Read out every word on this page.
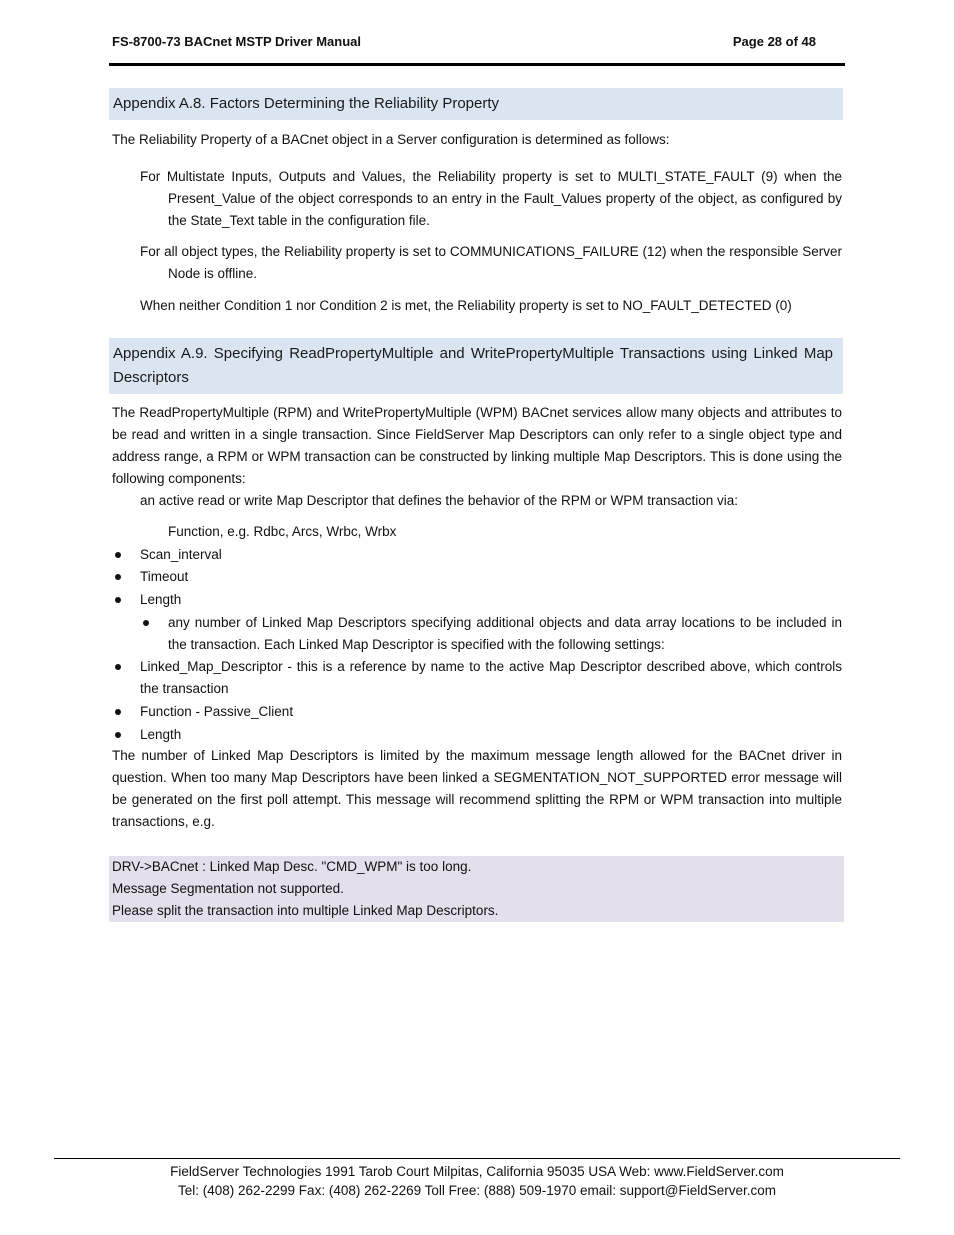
FS-8700-73 BACnet MSTP Driver Manual	Page 28 of 48
Appendix A.8. Factors Determining the Reliability Property
The Reliability Property of a BACnet object in a Server configuration is determined as follows:
For Multistate Inputs, Outputs and Values, the Reliability property is set to MULTI_STATE_FAULT (9) when the Present_Value of the object corresponds to an entry in the Fault_Values property of the object, as configured by the State_Text table in the configuration file.
For all object types, the Reliability property is set to COMMUNICATIONS_FAILURE (12) when the responsible Server Node is offline.
When neither Condition 1 nor Condition 2 is met, the Reliability property is set to NO_FAULT_DETECTED (0)
Appendix A.9. Specifying ReadPropertyMultiple and WritePropertyMultiple Transactions using Linked Map Descriptors
The ReadPropertyMultiple (RPM) and WritePropertyMultiple (WPM) BACnet services allow many objects and attributes to be read and written in a single transaction. Since FieldServer Map Descriptors can only refer to a single object type and address range, a RPM or WPM transaction can be constructed by linking multiple Map Descriptors. This is done using the following components:
an active read or write Map Descriptor that defines the behavior of the RPM or WPM transaction via:
Function, e.g. Rdbc, Arcs, Wrbc, Wrbx
Scan_interval
Timeout
Length
any number of Linked Map Descriptors specifying additional objects and data array locations to be included in the transaction. Each Linked Map Descriptor is specified with the following settings:
Linked_Map_Descriptor - this is a reference by name to the active Map Descriptor described above, which controls the transaction
Function - Passive_Client
Length
The number of Linked Map Descriptors is limited by the maximum message length allowed for the BACnet driver in question. When too many Map Descriptors have been linked a SEGMENTATION_NOT_SUPPORTED error message will be generated on the first poll attempt. This message will recommend splitting the RPM or WPM transaction into multiple transactions, e.g.
DRV->BACnet : Linked Map Desc. "CMD_WPM" is too long.
Message Segmentation not supported.
Please split the transaction into multiple Linked Map Descriptors.
FieldServer Technologies 1991 Tarob Court Milpitas, California 95035 USA Web: www.FieldServer.com
Tel: (408) 262-2299 Fax: (408) 262-2269 Toll Free: (888) 509-1970 email: support@FieldServer.com
